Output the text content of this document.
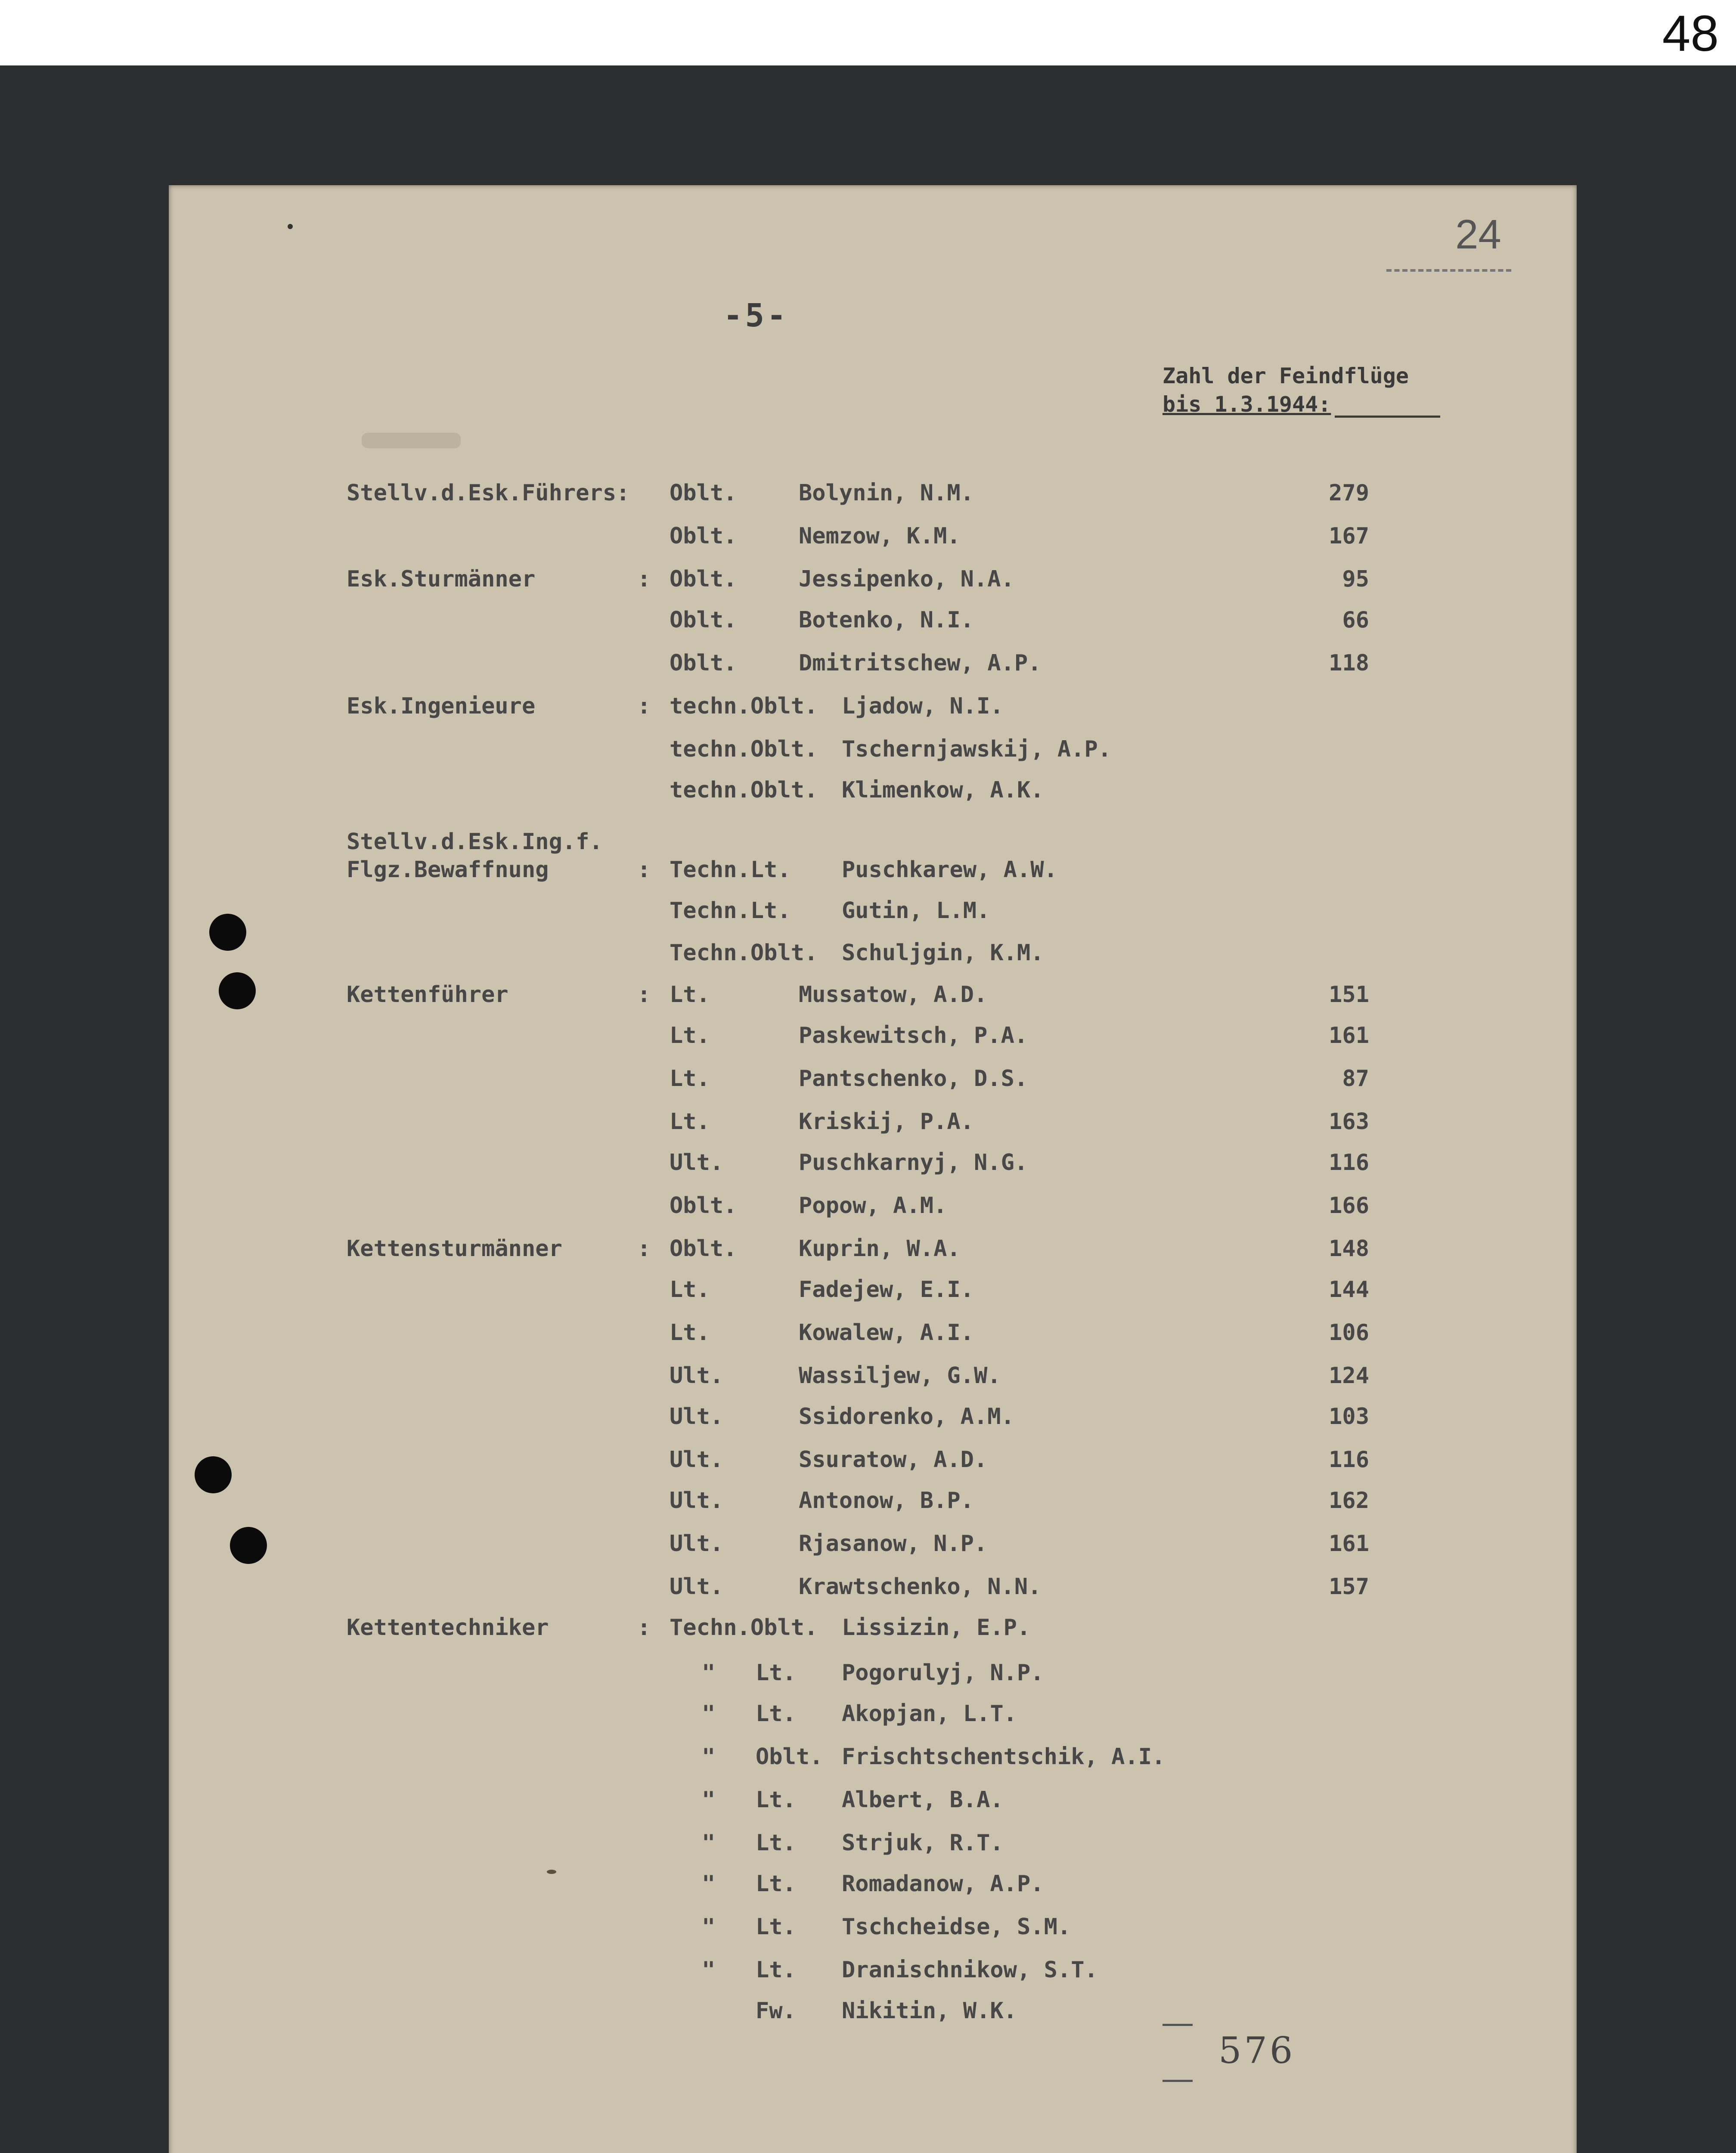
48
24
-5-
Zahl der Feindflüge
bis 1.3.1944:
Stellv.d.Esk.Führers: Oblt.	Bolynin, N.M.	279
Oblt.	Nemzow, K.M.	167
Esk.Sturmänner	: Oblt.	Jessipenko, N.A.	95
Oblt.	Botenko, N.I.	66
Oblt.	Dmitritschew, A.P.	118
Esk.Ingenieure	: techn.Oblt. Ljadow, N.I.
techn.Oblt. Tschernjawskij, A.P.
techn.Oblt. Klimenkow, A.K.
Stellv.d.Esk.Ing.f.
Flgz.Bewaffnung	: Techn.Lt. Puschkarew, A.W.
Techn.Lt. Gutin, L.M.
Techn.Oblt. Schuljgin, K.M.
Kettenführer	: Lt.	Mussatow, A.D.	151
Lt.	Paskewitsch, P.A.	161
Lt.	Pantschenko, D.S.	87
Lt.	Kriskij, P.A.	163
Ult.	Puschkarnyj, N.G.	116
Oblt.	Popow, A.M.	166
Kettensturmänner	: Oblt.	Kuprin, W.A.	148
Lt.	Fadejew, E.I.	144
Lt.	Kowalew, A.I.	106
Ult.	Wassiljew, G.W.	124
Ult.	Ssidorenko, A.M.	103
Ult.	Ssuratow, A.D.	116
Ult.	Antonow, B.P.	162
Ult.	Rjasanow, N.P.	161
Ult.	Krawtschenko, N.N.	157
Kettentechniker	: Techn.Oblt. Lissizin, E.P.
" Lt. Pogorulyj, N.P.
" Lt. Akopjan, L.T.
" Oblt. Frischtschentschik, A.I.
" Lt. Albert, B.A.
" Lt. Strjuk, R.T.
" Lt. Romadanow, A.P.
" Lt. Tschcheidse, S.M.
" Lt. Dranischnikow, S.T.
Fw. Nikitin, W.K.
576
